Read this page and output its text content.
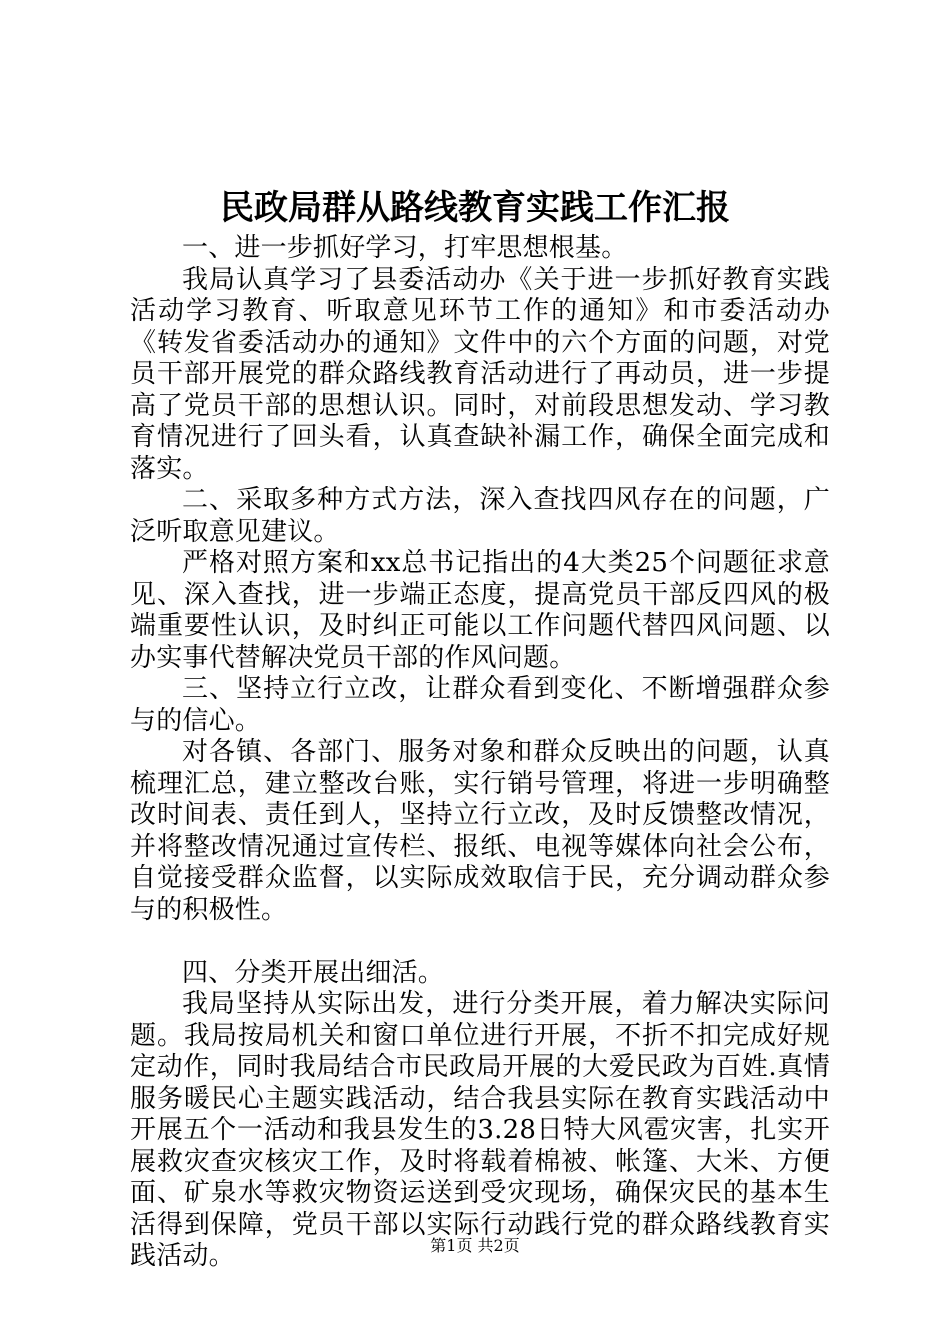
民政局群从路线教育实践工作汇报

一、进一步抓好学习，打牢思想根基。

我局认真学习了县委活动办《关于进一步抓好教育实践活动学习教育、听取意见环节工作的通知》和市委活动办《转发省委活动办的通知》文件中的六个方面的问题，对党员干部开展党的群众路线教育活动进行了再动员，进一步提高了党员干部的思想认识。同时，对前段思想发动、学习教育情况进行了回头看，认真查缺补漏工作，确保全面完成和落实。

二、采取多种方式方法，深入查找四风存在的问题，广泛听取意见建议。

严格对照方案和xx总书记指出的4大类25个问题征求意见、深入查找，进一步端正态度，提高党员干部反四风的极端重要性认识，及时纠正可能以工作问题代替四风问题、以办实事代替解决党员干部的作风问题。

三、坚持立行立改，让群众看到变化、不断增强群众参与的信心。

对各镇、各部门、服务对象和群众反映出的问题，认真梳理汇总，建立整改台账，实行销号管理，将进一步明确整改时间表、责任到人，坚持立行立改，及时反馈整改情况，并将整改情况通过宣传栏、报纸、电视等媒体向社会公布，自觉接受群众监督，以实际成效取信于民，充分调动群众参与的积极性。

四、分类开展出细活。

我局坚持从实际出发，进行分类开展，着力解决实际问题。我局按局机关和窗口单位进行开展，不折不扣完成好规定动作，同时我局结合市民政局开展的大爱民政为百姓.真情服务暖民心主题实践活动，结合我县实际在教育实践活动中开展五个一活动和我县发生的3.28日特大风雹灾害，扎实开展救灾查灾核灾工作，及时将载着棉被、帐篷、大米、方便面、矿泉水等救灾物资运送到受灾现场，确保灾民的基本生活得到保障，党员干部以实际行动践行党的群众路线教育实践活动。	第1页 共2页
